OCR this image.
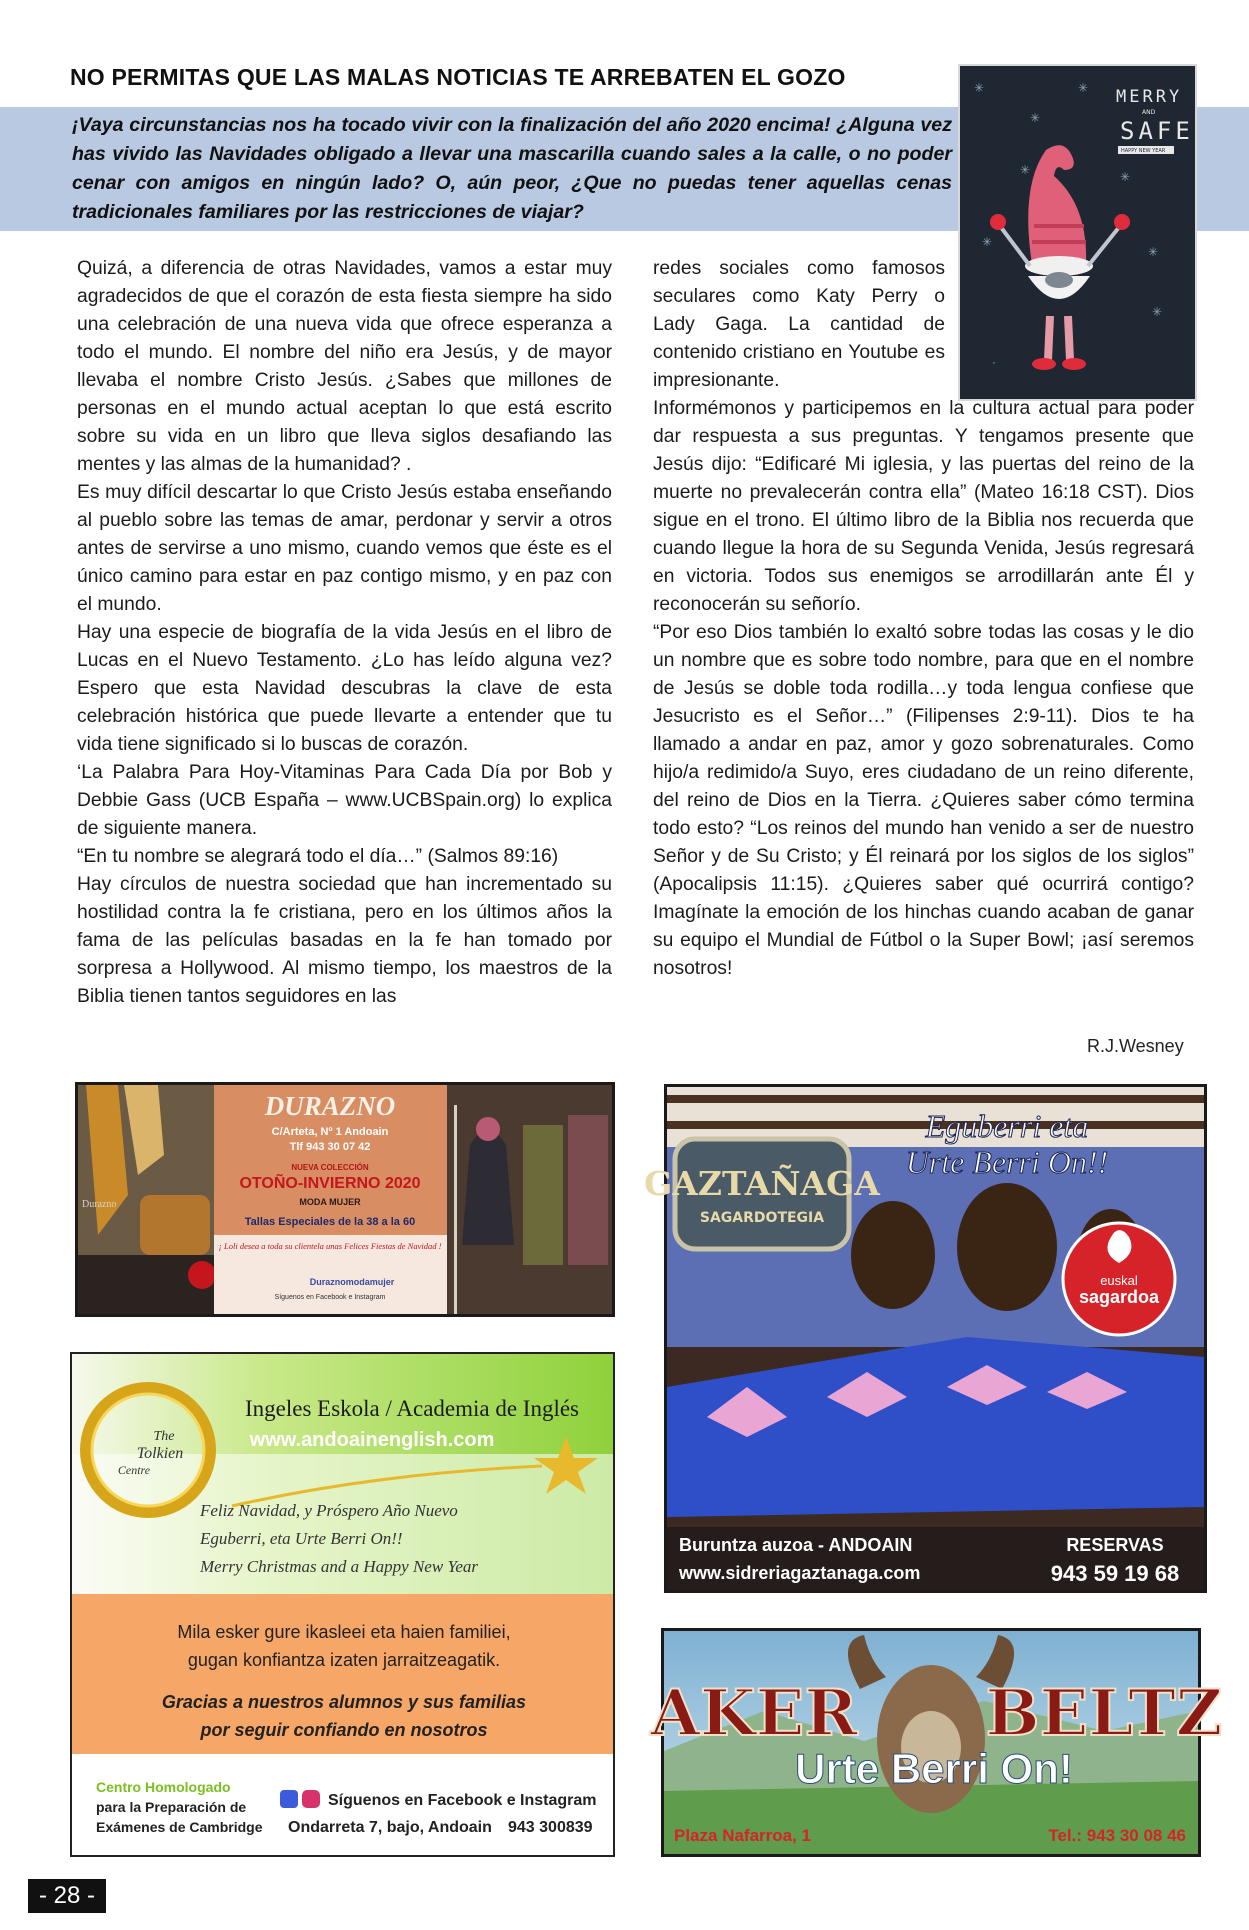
NO PERMITAS QUE LAS MALAS NOTICIAS TE ARREBATEN EL GOZO
¡Vaya circunstancias nos ha tocado vivir con la finalización del año 2020 encima! ¿Alguna vez has vivido las Navidades obligado a llevar una mascarilla cuando sales a la calle, o no poder cenar con amigos en ningún lado? O, aún peor, ¿Que no puedas tener aquellas cenas tradicionales familiares por las restricciones de viajar?
✳
✳
✳
✳
✳
✳
✳
✳
·
MERRY
AND
SAFE
HAPPY NEW YEAR

Quizá, a diferencia de otras Navidades, vamos a estar muy agradecidos de que el corazón de esta fiesta siempre ha sido una celebración de una nueva vida que ofrece esperanza a todo el mundo. El nombre del niño era Jesús, y de mayor llevaba el nombre Cristo Jesús. ¿Sabes que millones de personas en el mundo actual aceptan lo que está escrito sobre su vida en un libro que lleva siglos desafiando las mentes y las almas de la humanidad? .

Es muy difícil descartar lo que Cristo Jesús estaba enseñando al pueblo sobre las temas de amar, perdonar y servir a otros antes de servirse a uno mismo, cuando vemos que éste es el único camino para estar en paz contigo mismo, y en paz con el mundo.

Hay una especie de biografía de la vida Jesús en el libro de Lucas en el Nuevo Testamento. ¿Lo has leído alguna vez? Espero que esta Navidad descubras la clave de esta celebración histórica que puede llevarte a entender que tu vida tiene significado si lo buscas de corazón.

‘La Palabra Para Hoy-Vitaminas Para Cada Día por Bob y Debbie Gass (UCB España – www.UCBSpain.org) lo explica de siguiente manera.

“En tu nombre se alegrará todo el día…” (Salmos 89:16)

Hay círculos de nuestra sociedad que han incrementado su hostilidad contra la fe cristiana, pero en los últimos años la fama de las películas basadas en la fe han tomado por sorpresa a Hollywood. Al mismo tiempo, los maestros de la Biblia tienen tantos seguidores en las

redes sociales como famosos seculares como Katy Perry o Lady Gaga. La cantidad de contenido cristiano en Youtube es impresionante.

Informémonos y participemos en la cultura actual para poder dar respuesta a sus preguntas. Y tengamos presente que Jesús dijo: “Edificaré Mi iglesia, y las puertas del reino de la muerte no prevalecerán contra ella” (Mateo 16:18 CST). Dios sigue en el trono. El último libro de la Biblia nos recuerda que cuando llegue la hora de su Segunda Venida, Jesús regresará en victoria. Todos sus enemigos se arrodillarán ante Él y reconocerán su señorío.

“Por eso Dios también lo exaltó sobre todas las cosas y le dio un nombre que es sobre todo nombre, para que en el nombre de Jesús se doble toda rodilla…y toda lengua confiese que Jesucristo es el Señor…” (Filipenses 2:9-11). Dios te ha llamado a andar en paz, amor y gozo sobrenaturales. Como hijo/a redimido/a Suyo, eres ciudadano de un reino diferente, del reino de Dios en la Tierra. ¿Quieres saber cómo termina todo esto? “Los reinos del mundo han venido a ser de nuestro Señor y de Su Cristo; y Él reinará por los siglos de los siglos” (Apocalipsis 11:15). ¿Quieres saber qué ocurrirá contigo? Imagínate la emoción de los hinchas cuando acaban de ganar su equipo el Mundial de Fútbol o la Super Bowl; ¡así seremos nosotros!

R.J.Wesney
Durazno
DURAZNO
C/Arteta, Nº 1 Andoain
Tlf 943 30 07 42
NUEVA COLECCIÓN
OTOÑO-INVIERNO 2020
MODA MUJER
Tallas Especiales de la 38 a la 60
¡ Loli desea a toda su clientela unas Felices Fiestas de Navidad !
Duraznomodamujer
Síguenos en Facebook e Instagram
GAZTAÑAGA
SAGARDOTEGIA
Eguberri eta
Urte Berri On!!
euskal
sagardoa
Buruntza auzoa - ANDOAIN
www.sidreriagaztanaga.com
RESERVAS
943 59 19 68
The
Tolkien
Centre
Ingeles Eskola / Academia de Inglés
www.andoainenglish.com
Feliz Navidad, y Próspero Año Nuevo
Eguberri, eta Urte Berri On!!
Merry Christmas and a Happy New Year
Mila esker gure ikasleei eta haien familiei,
gugan konfiantza izaten jarraitzeagatik.
Gracias a nuestros alumnos y sus familias
por seguir confiando en nosotros
Centro Homologado
para la Preparación de
Exámenes de Cambridge
Síguenos en Facebook e Instagram
Ondarreta 7, bajo, Andoain 943 300839
AKER BELTZ
Urte Berri On!
Plaza Nafarroa, 1	Tel.: 943 30 08 46
- 28 -
